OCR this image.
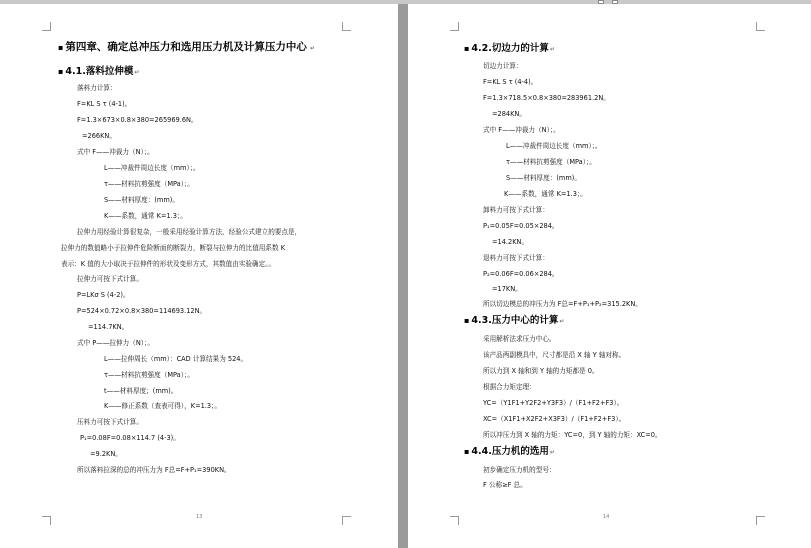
▪ 第四章、确定总冲压力和选用压力机及计算压力中心 ↵
▪ 4.1.落料拉伸模↵
落料力计算：
F=KL S τ (4-1)。
F=1.3×673×0.8×380=265969.6N。
=266KN。
式中 F——冲裁力（N）；。
L——冲裁件周边长度（mm）；。
τ——材料抗剪强度（MPa）；。
S——材料厚度：(mm)。
K——系数，通常 K=1.3；。
拉伸力用经验计算很复杂，一般采用经验计算方法，经验公式建立的要点是，
拉伸力的数值略小于拉伸件危险断面的断裂力，断裂与拉伸力的比值用系数 K
表示：K 值的大小取决于拉伸件的形状及变形方式，其数值由实验确定。。
拉伸力可按下式计算。
P=LKσ S (4-2)。
P=524×0.72×0.8×380=114693.12N。
=114.7KN。
式中 P——拉伸力（N）；。
L——拉伸周长（mm）：CAD 计算结果为 524。
τ——材料抗剪强度（MPa）；。
t——材料厚度；(mm)。
K——修正系数（查表可得），K=1.3；。
压料力可按下式计算。
P₁=0.08F=0.08×114.7 (4-3)。
=9.2KN。
所以落料拉深的总的冲压力为 F总=F+P₁=390KN。
13
▪ 4.2.切边力的计算↵
切边力计算：
F=KL S τ (4-4)。
F=1.3×718.5×0.8×380=283961.2N。
=284KN。
式中 F——冲裁力（N）；。
L——冲裁件周边长度（mm）；。
τ——材料抗剪强度（MPa）；。
S——材料厚度：(mm)。
K——系数，通常 K=1.3；。
卸料力可按下式计算：
P₁=0.05F=0.05×284。
=14.2KN。
退料力可按下式计算：
P₂=0.06F=0.06×284。
=17KN。
所以切边模总的冲压力为 F总=F+P₁+P₂=315.2KN。
▪ 4.3.压力中心的计算↵
采用解析法求压力中心。
该产品两副模具中，尺寸都是沿 X 轴 Y 轴对称。
所以力到 X 轴和到 Y 轴的力矩都是 0。
根据合力矩定理：
YC=（Y1F1+Y2F2+Y3F3）/（F1+F2+F3）。
XC=（X1F1+X2F2+X3F3）/（F1+F2+F3）。
所以冲压力到 X 轴的力矩：YC=0，到 Y 轴的力矩：XC=0。
▪ 4.4.压力机的选用↵
初步确定压力机的型号：
F 公称≥F 总。
14
